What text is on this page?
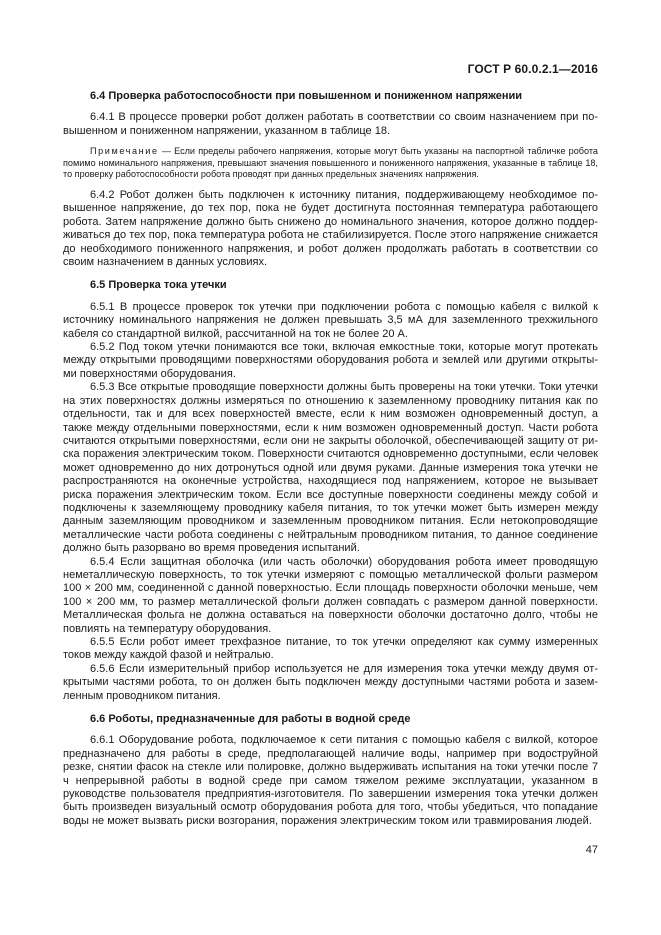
ГОСТ Р 60.0.2.1—2016

6.4 Проверка работоспособности при повышенном и пониженном напряжении

6.4.1 В процессе проверки робот должен работать в соответствии со своим назначением при повышенном и пониженном напряжении, указанном в таблице 18.

Примечание — Если пределы рабочего напряжения, которые могут быть указаны на паспортной табличке робота помимо номинального напряжения, превышают значения повышенного и пониженного напряжения, указанные в таблице 18, то проверку работоспособности робота проводят при данных предельных значениях напряжения.

6.4.2 Робот должен быть подключен к источнику питания, поддерживающему необходимое повышенное напряжение, до тех пор, пока не будет достигнута постоянная температура работающего робота. Затем напряжение должно быть снижено до номинального значения, которое должно поддерживаться до тех пор, пока температура робота не стабилизируется. После этого напряжение снижается до необходимого пониженного напряжения, и робот должен продолжать работать в соответствии со своим назначением в данных условиях.

6.5 Проверка тока утечки

6.5.1 В процессе проверок ток утечки при подключении робота с помощью кабеля с вилкой к источнику номинального напряжения не должен превышать 3,5 мА для заземленного трехжильного кабеля со стандартной вилкой, рассчитанной на ток не более 20 А.

6.5.2 Под током утечки понимаются все токи, включая емкостные токи, которые могут протекать между открытыми проводящими поверхностями оборудования робота и землей или другими открытыми поверхностями оборудования.

6.5.3 Все открытые проводящие поверхности должны быть проверены на токи утечки. Токи утечки на этих поверхностях должны измеряться по отношению к заземленному проводнику питания как по отдельности, так и для всех поверхностей вместе, если к ним возможен одновременный доступ, а также между отдельными поверхностями, если к ним возможен одновременный доступ. Части робота считаются открытыми поверхностями, если они не закрыты оболочкой, обеспечивающей защиту от риска поражения электрическим током. Поверхности считаются одновременно доступными, если человек может одновременно до них дотронуться одной или двумя руками. Данные измерения тока утечки не распространяются на оконечные устройства, находящиеся под напряжением, которое не вызывает риска поражения электрическим током. Если все доступные поверхности соединены между собой и подключены к заземляющему проводнику кабеля питания, то ток утечки может быть измерен между данным заземляющим проводником и заземленным проводником питания. Если нетокопроводящие металлические части робота соединены с нейтральным проводником питания, то данное соединение должно быть разорвано во время проведения испытаний.

6.5.4 Если защитная оболочка (или часть оболочки) оборудования робота имеет проводящую неметаллическую поверхность, то ток утечки измеряют с помощью металлической фольги размером 100 × 200 мм, соединенной с данной поверхностью. Если площадь поверхности оболочки меньше, чем 100 × 200 мм, то размер металлической фольги должен совпадать с размером данной поверхности. Металлическая фольга не должна оставаться на поверхности оболочки достаточно долго, чтобы не повлиять на температуру оборудования.

6.5.5 Если робот имеет трехфазное питание, то ток утечки определяют как сумму измеренных токов между каждой фазой и нейтралью.

6.5.6 Если измерительный прибор используется не для измерения тока утечки между двумя открытыми частями робота, то он должен быть подключен между доступными частями робота и заземленным проводником питания.

6.6 Роботы, предназначенные для работы в водной среде

6.6.1 Оборудование робота, подключаемое к сети питания с помощью кабеля с вилкой, которое предназначено для работы в среде, предполагающей наличие воды, например при водоструйной резке, снятии фасок на стекле или полировке, должно выдерживать испытания на токи утечки после 7 ч непрерывной работы в водной среде при самом тяжелом режиме эксплуатации, указанном в руководстве пользователя предприятия-изготовителя. По завершении измерения тока утечки должен быть произведен визуальный осмотр оборудования робота для того, чтобы убедиться, что попадание воды не может вызвать риски возгорания, поражения электрическим током или травмирования людей.

47
